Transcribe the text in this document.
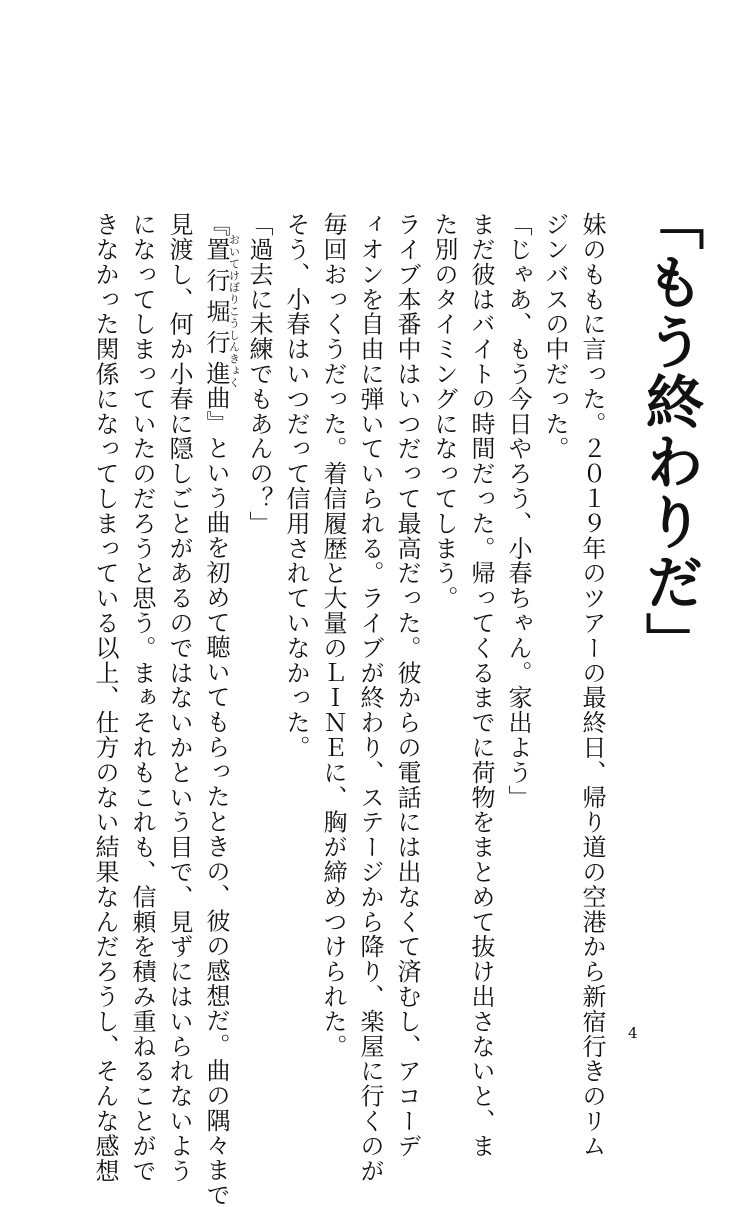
「もう終わりだ」

妹のももに言った。２０１９年のツアーの最終日、帰り道の空港から新宿行きのリム

ジンバスの中だった。

「じゃあ、もう今日やろう、小春ちゃん。家出よう」

まだ彼はバイトの時間だった。帰ってくるまでに荷物をまとめて抜け出さないと、ま

た別のタイミングになってしまう。

ライブ本番中はいつだって最高だった。彼からの電話には出なくて済むし、アコーデ

ィオンを自由に弾いていられる。ライブが終わり、ステージから降り、楽屋に行くのが

毎回おっくうだった。着信履歴と大量のＬＩＮＥに、胸が締めつけられた。

そう、小春はいつだって信用されていなかった。

「過去に未練でもあんの？」

『置行堀行進おいてけぼりこうしんきょく曲』という曲を初めて聴いてもらったときの、彼の感想だ。曲の隅々まで

見渡し、何か小春に隠しごとがあるのではないかという目で、見ずにはいられないよう

になってしまっていたのだろうと思う。まぁそれもこれも、信頼を積み重ねることがで

きなかった関係になってしまっている以上、仕方のない結果なんだろうし、そんな感想	4
